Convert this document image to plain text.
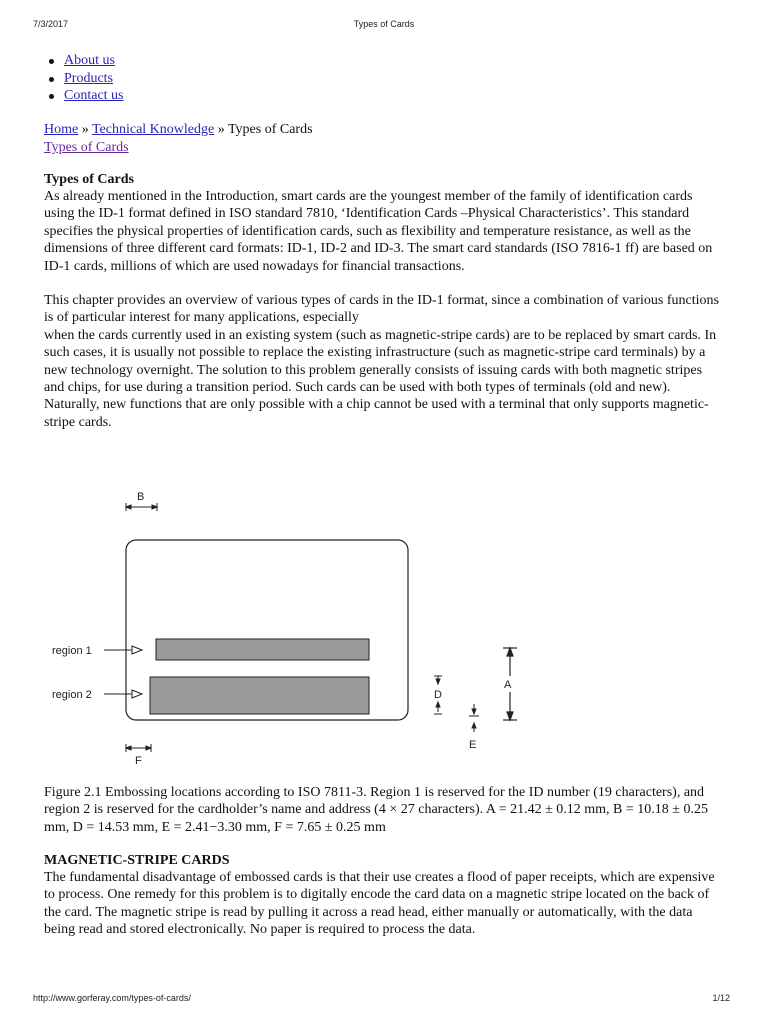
7/3/2017	Types of Cards
About us
Products
Contact us
Home » Technical Knowledge » Types of Cards
Types of Cards
Types of Cards

As already mentioned in the Introduction, smart cards are the youngest member of the family of identification cards using the ID-1 format defined in ISO standard 7810, ‘Identification Cards –Physical Characteristics’. This standard specifies the physical properties of identification cards, such as flexibility and temperature resistance, as well as the dimensions of three different card formats: ID-1, ID-2 and ID-3. The smart card standards (ISO 7816-1 ff) are based on ID-1 cards, millions of which are used nowadays for financial transactions.

This chapter provides an overview of various types of cards in the ID-1 format, since a combination of various functions is of particular interest for many applications, especially

when the cards currently used in an existing system (such as magnetic-stripe cards) are to be replaced by smart cards. In such cases, it is usually not possible to replace the existing infrastructure (such as magnetic-stripe card terminals) by a new technology overnight. The solution to this problem generally consists of issuing cards with both magnetic stripes and chips, for use during a transition period. Such cards can be used with both types of terminals (old and new). Naturally, new functions that are only possible with a chip cannot be used with a terminal that only supports magnetic-stripe cards.

B
region 1
region 2
F
D
A
E

Figure 2.1 Embossing locations according to ISO 7811-3. Region 1 is reserved for the ID number (19 characters), and region 2 is reserved for the cardholder’s name and address (4 × 27 characters). A = 21.42 ± 0.12 mm, B = 10.18 ± 0.25 mm, D = 14.53 mm, E = 2.41−3.30 mm, F = 7.65 ± 0.25 mm

MAGNETIC-STRIPE CARDS

The fundamental disadvantage of embossed cards is that their use creates a flood of paper receipts, which are expensive to process. One remedy for this problem is to digitally encode the card data on a magnetic stripe located on the back of the card. The magnetic stripe is read by pulling it across a read head, either manually or automatically, with the data being read and stored electronically. No paper is required to process the data.

http://www.gorferay.com/types-of-cards/	1/12
